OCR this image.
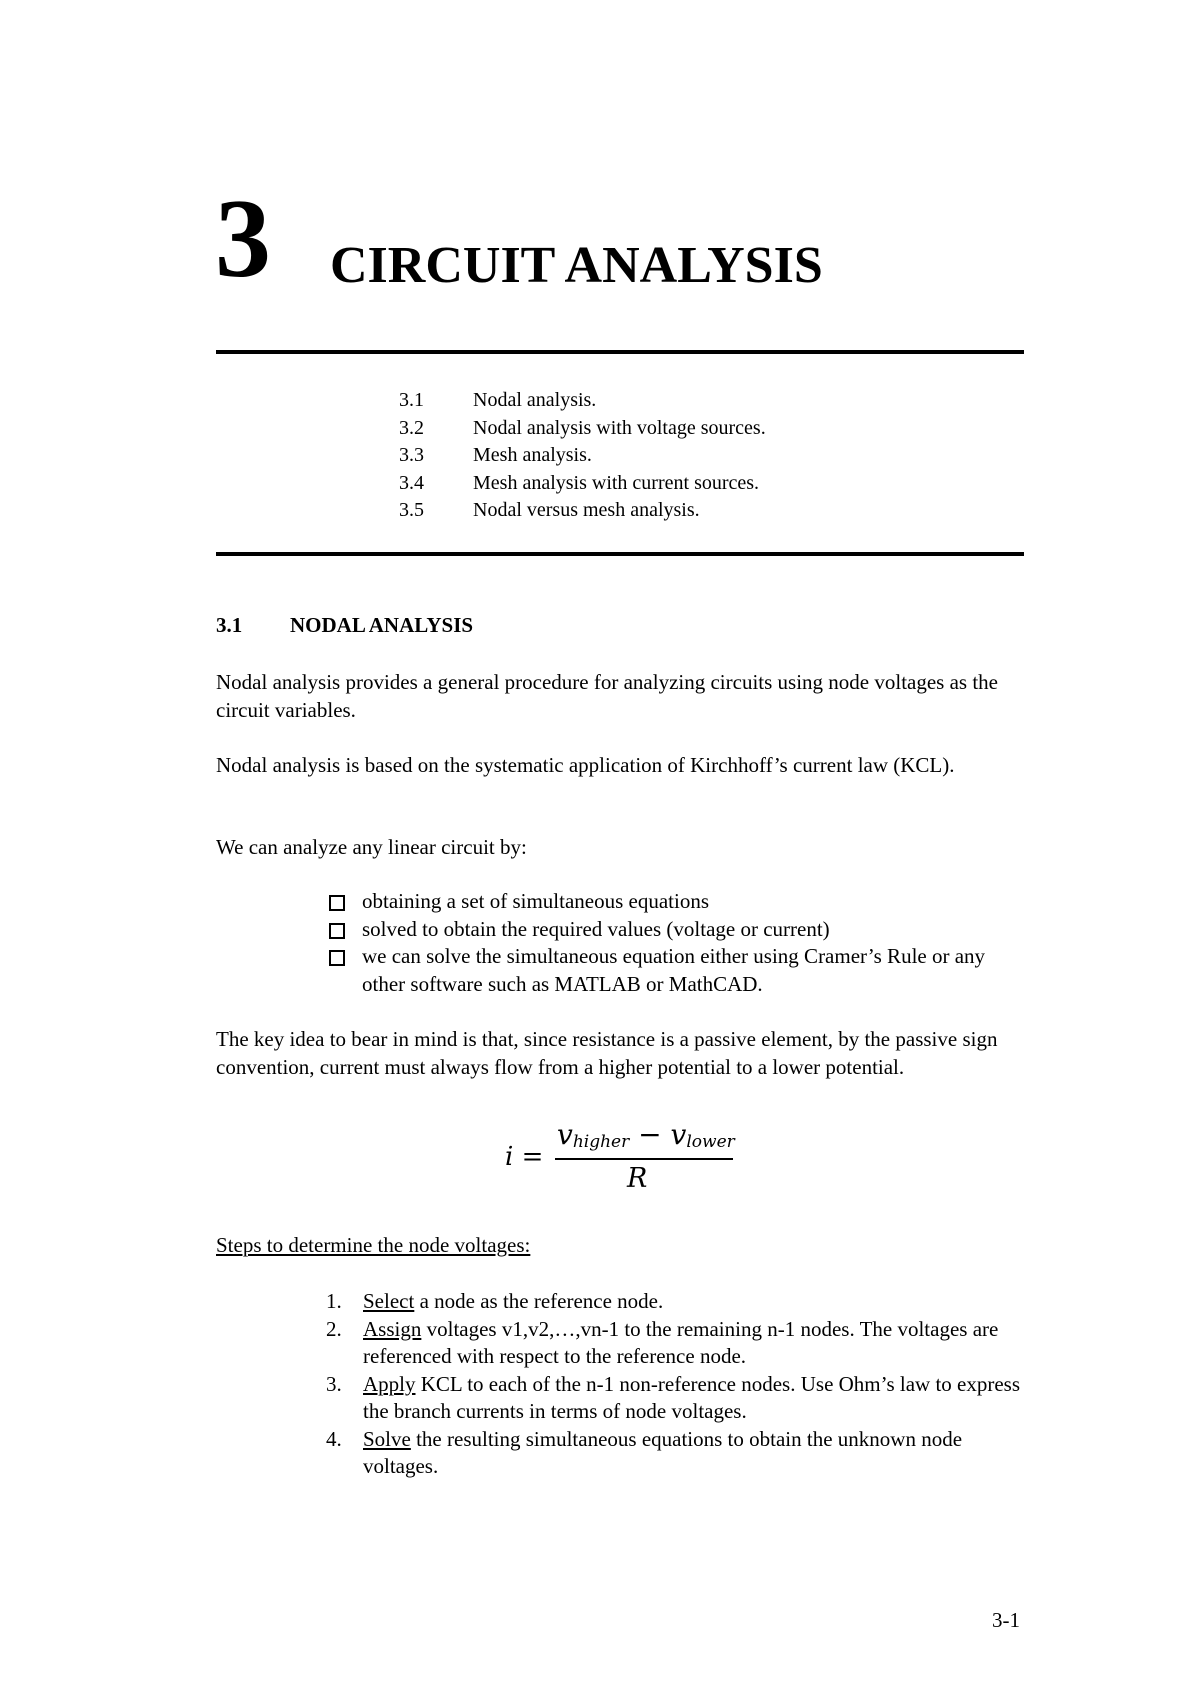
3 CIRCUIT ANALYSIS
3.1 Nodal analysis.
3.2 Nodal analysis with voltage sources.
3.3 Mesh analysis.
3.4 Mesh analysis with current sources.
3.5 Nodal versus mesh analysis.
3.1 NODAL ANALYSIS
Nodal analysis provides a general procedure for analyzing circuits using node voltages as the circuit variables.
Nodal analysis is based on the systematic application of Kirchhoff’s current law (KCL).
We can analyze any linear circuit by:
obtaining a set of simultaneous equations
solved to obtain the required values (voltage or current)
we can solve the simultaneous equation either using Cramer’s Rule or any other software such as MATLAB or MathCAD.
The key idea to bear in mind is that, since resistance is a passive element, by the passive sign convention, current must always flow from a higher potential to a lower potential.
i =
$v_{higher} - v_{lower}$
R
Steps to determine the node voltages:
1. Select a node as the reference node.
2. Assign voltages v1,v2,…,vn-1 to the remaining n-1 nodes. The voltages are referenced with respect to the reference node.
3. Apply KCL to each of the n-1 non-reference nodes. Use Ohm’s law to express the branch currents in terms of node voltages.
4. Solve the resulting simultaneous equations to obtain the unknown node voltages.
3-1
